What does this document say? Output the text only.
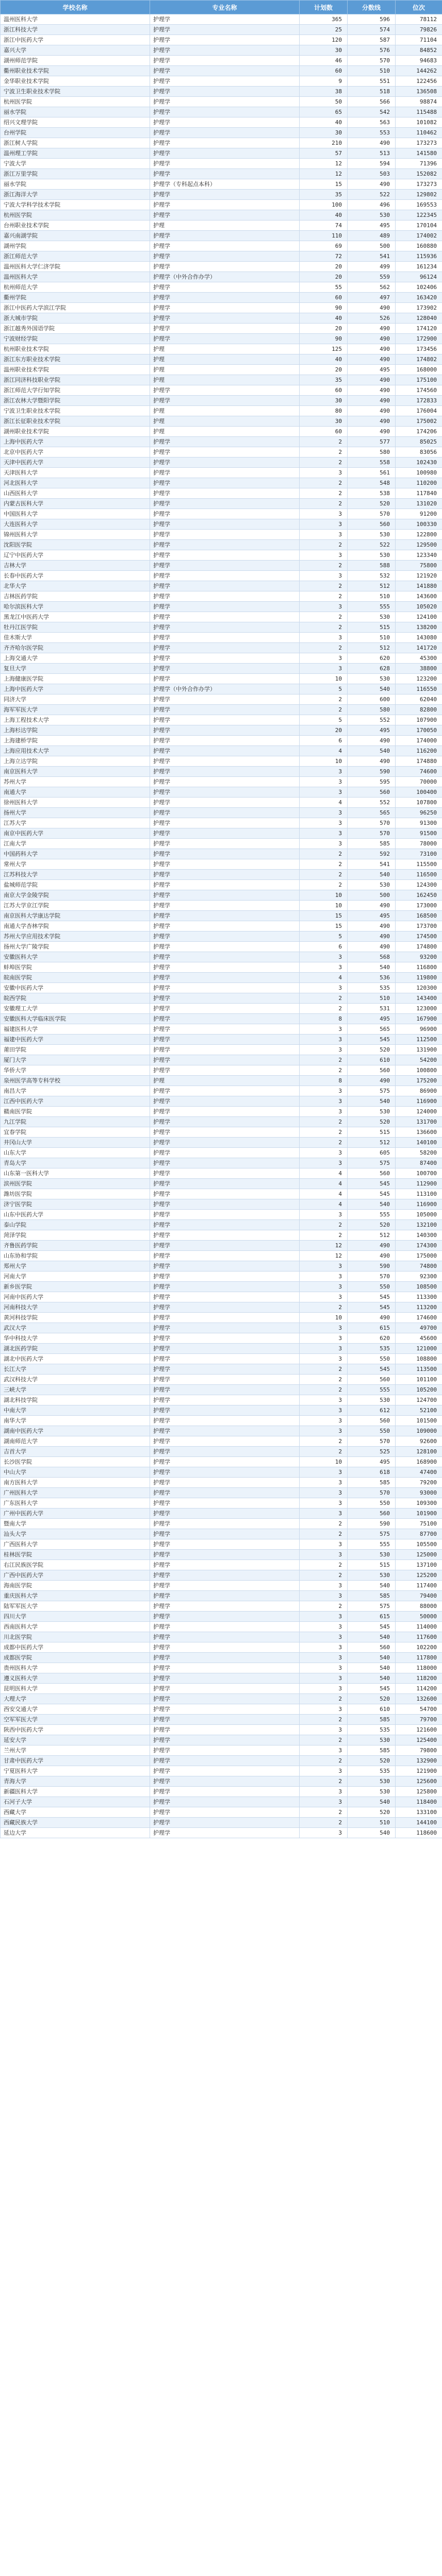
学校名称	专业名称	计划数	分数线	位次
温州医科大学	护理学	365	596	78112
浙江科技大学	护理学	25	574	79826
浙江中医药大学	护理学	120	587	71104
嘉兴大学	护理学	30	576	84852
湖州师范学院	护理学	46	570	94683
衢州职业技术学院	护理学	60	510	144262
金华职业技术学院	护理学	9	551	122456
宁波卫生职业技术学院	护理学	38	518	136508
杭州医学院	护理学	50	566	98874
丽水学院	护理学	65	542	115488
绍兴文理学院	护理学	40	563	101082
台州学院	护理学	30	553	110462
浙江树人学院	护理学	210	490	173273
温州理工学院	护理学	57	513	141580
宁波大学	护理学	12	594	71396
浙江万里学院	护理学	12	503	152082
丽水学院	护理学（专科起点本科）	15	490	173273
浙江海洋大学	护理学	35	522	129802
宁波大学科学技术学院	护理学	100	496	169553
杭州医学院	护理学	40	530	122345
台州职业技术学院	护理	74	495	170104
嘉兴南湖学院	护理学	110	489	174002
湖州学院	护理学	69	500	160880
浙江师范大学	护理学	72	541	115936
温州医科大学仁济学院	护理学	20	499	161234
温州医科大学	护理学（中外合作办学）	20	559	96124
杭州师范大学	护理学	55	562	102406
衢州学院	护理学	60	497	163420
浙江中医药大学滨江学院	护理学	90	490	173902
浙大城市学院	护理学	40	526	128040
浙江越秀外国语学院	护理学	20	490	174120
宁波财经学院	护理学	90	490	172900
杭州职业技术学院	护理	125	490	173456
浙江东方职业技术学院	护理	40	490	174802
温州职业技术学院	护理	20	495	168000
浙江同济科技职业学院	护理	35	490	175100
浙江师范大学行知学院	护理学	60	490	174560
浙江农林大学暨阳学院	护理学	30	490	172833
宁波卫生职业技术学院	护理	80	490	176004
浙江长征职业技术学院	护理	30	490	175002
湖州职业技术学院	护理	60	490	174206
上海中医药大学	护理学	2	577	85025
北京中医药大学	护理学	2	580	83056
天津中医药大学	护理学	2	558	102430
天津医科大学	护理学	3	561	100980
河北医科大学	护理学	2	548	110200
山西医科大学	护理学	2	538	117840
内蒙古医科大学	护理学	2	520	131020
中国医科大学	护理学	3	570	91200
大连医科大学	护理学	3	560	100330
锦州医科大学	护理学	3	530	122800
沈阳医学院	护理学	2	522	129500
辽宁中医药大学	护理学	3	530	123340
吉林大学	护理学	2	588	75800
长春中医药大学	护理学	3	532	121920
北华大学	护理学	2	512	141880
吉林医药学院	护理学	2	510	143600
哈尔滨医科大学	护理学	3	555	105020
黑龙江中医药大学	护理学	2	530	124100
牡丹江医学院	护理学	2	515	138200
佳木斯大学	护理学	3	510	143080
齐齐哈尔医学院	护理学	2	512	141720
上海交通大学	护理学	3	620	45300
复旦大学	护理学	3	628	38800
上海健康医学院	护理学	10	530	123200
上海中医药大学	护理学（中外合作办学）	5	540	116550
同济大学	护理学	2	600	62040
海军军医大学	护理学	2	580	82800
上海工程技术大学	护理学	5	552	107900
上海杉达学院	护理学	20	495	170050
上海建桥学院	护理学	6	490	174000
上海应用技术大学	护理学	4	540	116200
上海立达学院	护理学	10	490	174880
南京医科大学	护理学	3	590	74600
苏州大学	护理学	3	595	70000
南通大学	护理学	3	560	100400
徐州医科大学	护理学	4	552	107800
扬州大学	护理学	3	565	96250
江苏大学	护理学	3	570	91300
南京中医药大学	护理学	3	570	91500
江南大学	护理学	3	585	78000
中国药科大学	护理学	2	592	73100
常州大学	护理学	2	541	115500
江苏科技大学	护理学	2	540	116500
盐城师范学院	护理学	2	530	124300
南京大学金陵学院	护理学	10	500	162450
江苏大学京江学院	护理学	10	490	173000
南京医科大学康达学院	护理学	15	495	168500
南通大学杏林学院	护理学	15	490	173700
苏州大学应用技术学院	护理学	5	490	174500
扬州大学广陵学院	护理学	6	490	174800
安徽医科大学	护理学	3	568	93200
蚌埠医学院	护理学	3	540	116800
皖南医学院	护理学	4	536	119800
安徽中医药大学	护理学	3	535	120300
皖西学院	护理学	2	510	143400
安徽理工大学	护理学	2	531	123000
安徽医科大学临床医学院	护理学	8	495	167900
福建医科大学	护理学	3	565	96900
福建中医药大学	护理学	3	545	112500
莆田学院	护理学	3	520	131900
厦门大学	护理学	2	610	54200
华侨大学	护理学	2	560	100800
泉州医学高等专科学校	护理	8	490	175200
南昌大学	护理学	3	575	86900
江西中医药大学	护理学	3	540	116900
赣南医学院	护理学	3	530	124000
九江学院	护理学	2	520	131700
宜春学院	护理学	2	515	136600
井冈山大学	护理学	2	512	140100
山东大学	护理学	3	605	58200
青岛大学	护理学	3	575	87400
山东第一医科大学	护理学	4	560	100700
滨州医学院	护理学	4	545	112900
潍坊医学院	护理学	4	545	113100
济宁医学院	护理学	4	540	116900
山东中医药大学	护理学	3	555	105000
泰山学院	护理学	2	520	132100
菏泽学院	护理学	2	512	140300
齐鲁医药学院	护理学	12	490	174300
山东协和学院	护理学	12	490	175000
郑州大学	护理学	3	590	74800
河南大学	护理学	3	570	92300
新乡医学院	护理学	3	550	108500
河南中医药大学	护理学	3	545	113300
河南科技大学	护理学	2	545	113200
黄河科技学院	护理学	10	490	174600
武汉大学	护理学	3	615	49700
华中科技大学	护理学	3	620	45600
湖北医药学院	护理学	3	535	121000
湖北中医药大学	护理学	3	550	108800
长江大学	护理学	2	545	113500
武汉科技大学	护理学	2	560	101100
三峡大学	护理学	2	555	105200
湖北科技学院	护理学	3	530	124700
中南大学	护理学	3	612	52100
南华大学	护理学	3	560	101500
湖南中医药大学	护理学	3	550	109000
湖南师范大学	护理学	2	570	92600
吉首大学	护理学	2	525	128100
长沙医学院	护理学	10	495	168900
中山大学	护理学	3	618	47400
南方医科大学	护理学	3	585	79200
广州医科大学	护理学	3	570	93000
广东医科大学	护理学	3	550	109300
广州中医药大学	护理学	3	560	101900
暨南大学	护理学	2	590	75100
汕头大学	护理学	2	575	87700
广西医科大学	护理学	3	555	105500
桂林医学院	护理学	3	530	125000
右江民族医学院	护理学	2	515	137100
广西中医药大学	护理学	2	530	125200
海南医学院	护理学	3	540	117400
重庆医科大学	护理学	3	585	79400
陆军军医大学	护理学	2	575	88000
四川大学	护理学	3	615	50000
西南医科大学	护理学	3	545	114000
川北医学院	护理学	3	540	117600
成都中医药大学	护理学	3	560	102200
成都医学院	护理学	3	540	117800
贵州医科大学	护理学	3	540	118000
遵义医科大学	护理学	3	540	118200
昆明医科大学	护理学	3	545	114200
大理大学	护理学	2	520	132600
西安交通大学	护理学	3	610	54700
空军军医大学	护理学	2	585	79700
陕西中医药大学	护理学	3	535	121600
延安大学	护理学	2	530	125400
兰州大学	护理学	3	585	79800
甘肃中医药大学	护理学	2	520	132900
宁夏医科大学	护理学	3	535	121900
青海大学	护理学	2	530	125600
新疆医科大学	护理学	3	530	125800
石河子大学	护理学	3	540	118400
西藏大学	护理学	2	520	133100
西藏民族大学	护理学	2	510	144100
延边大学	护理学	3	540	118600
